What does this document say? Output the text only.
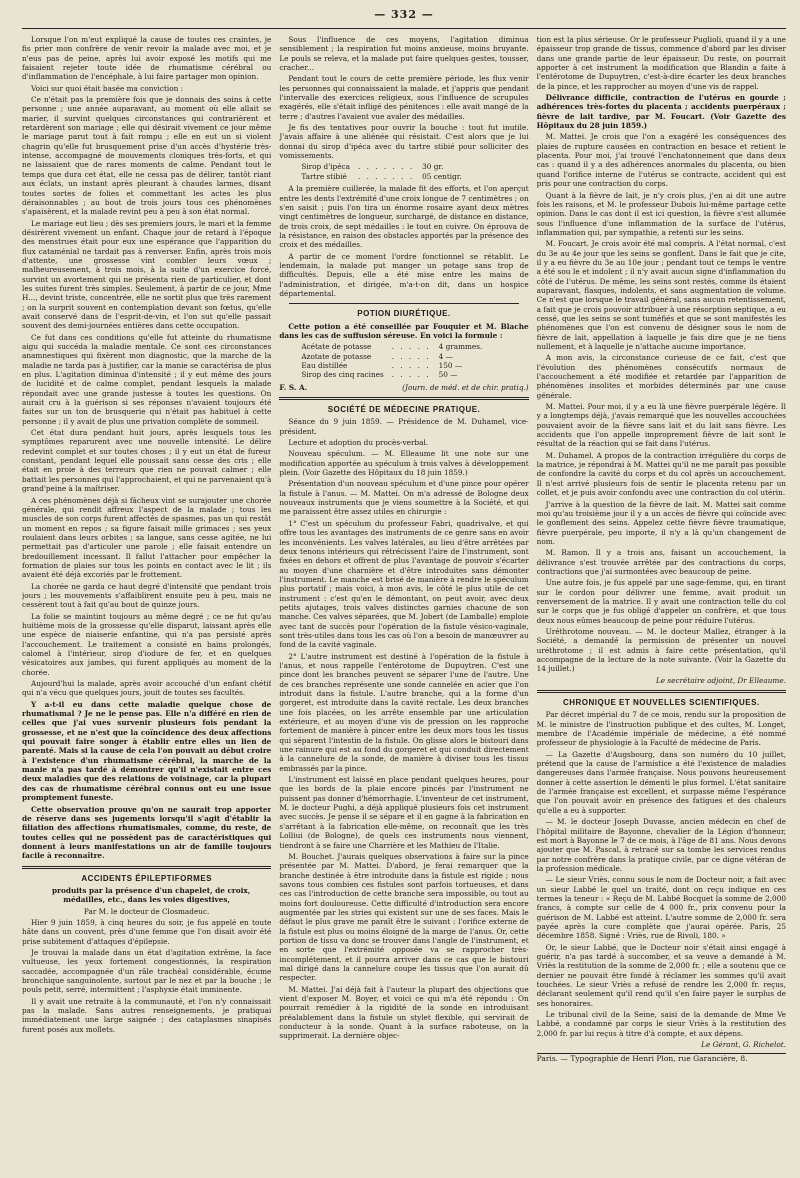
— 332 —

Lorsque l'on m'eut expliqué la cause de toutes ces craintes, je fis prier mon confrère de venir revoir la malade avec moi, et je n'eus pas de peine, après lui avoir exposé les motifs qui me faisaient rejeter toute idée de rhumatisme cérébral ou d'inflammation de l'encéphale, à lui faire partager mon opinion.

Voici sur quoi était basée ma conviction :

Ce n'était pas la première fois que je donnais des soins à cette personne ; une année auparavant, au moment où elle allait se marier, il survint quelques circonstances qui contrarièrent et retardèrent son mariage ; elle qui désirait vivement ce jour même le mariage parut tout à fait rompu ; elle en eut un si violent chagrin qu'elle fut brusquement prise d'un accès d'hystérie très-intense, accompagné de mouvements cloniques très-forts, et qui ne laissaient que de rares moments de calme. Pendant tout le temps que dura cet état, elle ne cessa pas de délirer, tantôt riant aux éclats, un instant après pleurant à chaudes larmes, disant toutes sortes de folies et commettant les actes les plus déraisonnables ; au bout de trois jours tous ces phénomènes s'apaisèrent, et la malade revint peu à peu à son état normal.

Le mariage eut lieu ; dès ses premiers jours, le mari et la femme désirèrent vivement un enfant. Chaque jour de retard à l'époque des menstrues était pour eux une espérance que l'apparition du flux cataménial ne tardait pas à renverser. Enfin, après trois mois d'attente, une grossesse vint combler leurs vœux ; malheureusement, à trois mois, à la suite d'un exercice forcé, survint un avortement qui ne présenta rien de particulier, et dont les suites furent très simples. Seulement, à partir de ce jour, Mme H..., devint triste, concentrée, elle ne sortit plus que très rarement ; on la surprit souvent en contemplation devant son fœtus, qu'elle avait conservé dans de l'esprit-de-vin, et l'on sut qu'elle passait souvent des demi-journées entières dans cette occupation.

Ce fut dans ces conditions qu'elle fut atteinte du rhumatisme aigu qui succéda la maladie mentale. Ce sont ces circonstances anamnestiques qui fixèrent mon diagnostic, que la marche de la maladie ne tarda pas à justifier, car la manie se caractérisa de plus en plus. L'agitation diminua d'intensité ; il y eut même des jours de lucidité et de calme complet, pendant lesquels la malade répondait avec une grande justesse à toutes les questions. On aurait cru à la guérison si ses réponses n'avaient toujours été faites sur un ton de brusquerie qui n'était pas habituel à cette personne ; il y avait de plus une privation complète de sommeil.

Cet état dura pendant huit jours, après lesquels tous les symptômes reparurent avec une nouvelle intensité. Le délire redevint complet et sur toutes choses ; il y eut un état de fureur constant, pendant lequel elle poussait sans cesse des cris ; elle était en proie à des terreurs que rien ne pouvait calmer ; elle battait les personnes qui l'approchaient, et qui ne parvenaient qu'à grand'peine à la maîtriser.

A ces phénomènes déjà si fâcheux vint se surajouter une chorée générale, qui rendit affreux l'aspect de la malade ; tous les muscles de son corps furent affectés de spasmes, pas un qui restât un moment en repos ; sa figure faisait mille grimaces ; ses yeux roulaient dans leurs orbites ; sa langue, sans cesse agitée, ne lui permettait pas d'articuler une parole ; elle faisait entendre un bredouillement incessant. Il fallut l'attacher pour empêcher la formation de plaies sur tous les points en contact avec le lit ; ils avaient été déjà excoriés par le frottement.

La chorée ne garda ce haut degré d'intensité que pendant trois jours ; les mouvements s'affaiblirent ensuite peu à peu, mais ne cessèrent tout à fait qu'au bout de quinze jours.

La folie se maintint toujours au même degré ; ce ne fut qu'au huitième mois de la grossesse qu'elle disparut, laissant après elle une espèce de niaiserie enfantine, qui n'a pas persisté après l'accouchement. Le traitement a consisté en bains prolongés, calomel à l'intérieur, sirop d'iodure de fer, et en quelques vésicatoires aux jambes, qui furent appliqués au moment de la chorée.

Aujourd'hui la malade, après avoir accouché d'un enfant chétif qui n'a vécu que quelques jours, jouit de toutes ses facultés.

Y a-t-il eu dans cette maladie quelque chose de rhumatismal ? Je ne le pense pas. Elle n'a différé en rien de celles que j'ai vues survenir plusieurs fois pendant la grossesse, et ne n'est que la coïncidence des deux affections qui pouvait faire songer à établir entre elles un lien de parenté. Mais si la cause de cela l'on pouvait au début croire à l'existence d'un rhumatisme cérébral, la marche de la manie n'a pas tardé à démontrer qu'il n'existait entre ces deux maladies que des relations de voisinage, car la plupart des cas de rhumatisme cérébral connus ont eu une issue promptement funeste.

Cette observation prouve qu'on ne saurait trop apporter de réserve dans ses jugements lorsqu'il s'agit d'établir la filiation des affections rhumatismales, comme, du reste, de toutes celles qui ne possèdent pas de caractéristiques qui donnent à leurs manifestations un air de famille toujours facile à reconnaître.

ACCIDENTS ÉPILEPTIFORMES

produits par la présence d'un chapelet, de croix, médailles, etc., dans les voies digestives,

Par M. le docteur de Closmadeuc.

Hier 9 juin 1859, à cinq heures du soir, je fus appelé en toute hâte dans un couvent, près d'une femme que l'on disait avoir été prise subitement d'attaques d'épilepsie.

Je trouvai la malade dans un état d'agitation extrême, la face vultueuse, les yeux fortement congestionnés, la respiration saccadée, accompagnée d'un râle trachéal considérable, écume bronchique sanguinolente, surtout par le nez et par la bouche ; le pouls petit, serré, intermittent ; l'asphyxie était imminente.

Il y avait une retraite à la communauté, et l'on n'y connaissait pas la malade. Sans autres renseignements, je pratiquai immédiatement une large saignée ; des cataplasmes sinapisés furent posés aux mollets.

Sous l'influence de ces moyens, l'agitation diminua sensiblement ; la respiration fut moins anxieuse, moins bruyante. Le pouls se releva, et la malade put faire quelques gestes, tousser, cracher...

Pendant tout le cours de cette première période, les flux venir les personnes qui connaissaient la malade, et j'appris que pendant l'intervalle des exercices religieux, sous l'influence de scrupules exagérés, elle s'était infligé des pénitences : elle avait mangé de la terre ; d'autres l'avaient vue avaler des médailles.

Je fis des tentatives pour ouvrir la bouche : tout fut inutile. J'avais affaire à une aliénée qui résistait. C'est alors que je lui donnai du sirop d'ipéca avec du tartre stibié pour solliciter des vomissements.

Sirop d'ipéca	. . . . . . .	30 gr.
Tartre stibié	. . . . . . .	05 centigr.

A la première cuillerée, la malade fit des efforts, et l'on aperçut entre les dents l'extrémité d'une croix longue de 7 centimètres ; on s'en saisit ; puis l'on tira un énorme rosaire ayant deux mètres vingt centimètres de longueur, surchargé, de distance en distance, de trois croix, de sept médailles : le tout en cuivre. On éprouva de la résistance, en raison des obstacles apportés par la présence des croix et des médailles.

A partir de ce moment l'ordre fonctionnel se rétablit. Le lendemain, la malade put manger un potage sans trop de difficultés. Depuis, elle a été mise entre les mains de l'administration, et dirigée, m'a-t-on dit, dans un hospice départemental.

POTION DIURÉTIQUE.

Cette potion a été conseillée par Fouquier et M. Blache dans les cas de suffusion séreuse. En voici la formule :

Acétate de potasse	. . . . .	4 grammes.
Azotate de potasse	. . . . .	4 —
Eau distillée	. . . . .	150 —
Sirop des cinq racines	. . . . .	50 —

F. S. A.	(Journ. de méd. et de chir. pratiq.)

SOCIÉTÉ DE MÉDECINE PRATIQUE.

Séance du 9 juin 1859. — Présidence de M. Duhamel, vice-président.

Lecture et adoption du procès-verbal.

Nouveau spéculum. — M. Elleaume lit une note sur une modification apportée au spéculum à trois valves à développement plein. (Voir Gazette des Hôpitaux du 18 juin 1859.)

Présentation d'un nouveau spéculum et d'une pince pour opérer la fistule à l'anus. — M. Mattei. On m'a adressé de Bologne deux nouveaux instruments que je viens soumettre à la Société, et qui me paraissent être assez utiles en chirurgie :

1° C'est un spéculum du professeur Fabri, quadrivalve, et qui offre tous les avantages des instruments de ce genre sans en avoir les inconvénients. Les valves latérales, au lieu d'être arrêtées par deux tenons intérieurs qui rétrécissent l'aire de l'instrument, sont fixées en dehors et offrent de plus l'avantage de pouvoir s'écarter au moyen d'une charnière et d'être introduites sans démonter l'instrument. Le manche est brisé de manière à rendre le spéculum plus portatif ; mais voici, à mon avis, le côté le plus utile de cet instrument : c'est qu'en le démontant, on peut avoir, avec deux petits ajutages, trois valves distinctes garnies chacune de son manche. Ces valves séparées, que M. Jobert (de Lamballe) emploie avec tant de succès pour l'opération de la fistule vésico-vaginale, sont très-utiles dans tous les cas où l'on a besoin de manœuvrer au fond de la cavité vaginale.

2° L'autre instrument est destiné à l'opération de la fistule à l'anus, et nous rappelle l'entérotome de Dupuytren. C'est une pince dont les branches peuvent se séparer l'une de l'autre. Une de ces branches représente une sonde cannelée en acier que l'on introduit dans la fistule. L'autre branche, qui a la forme d'un gorgeret, est introduite dans la cavité rectale. Les deux branches une fois placées, on les arrête ensemble par une articulation extérieure, et au moyen d'une vis de pression on les rapproche fortement de manière à pincer entre les deux mors tous les tissus qui séparent l'intestin de la fistule. On glisse alors le bistouri dans une rainure qui est au fond du gorgeret et qui conduit directement à la cannelure de la sonde, de manière à diviser tous les tissus embrassés par la pince.

L'instrument est laissé en place pendant quelques heures, pour que les bords de la plaie encore pincés par l'instrument ne puissent pas donner d'hémorrhagie. L'inventeur de cet instrument, M. le docteur Pughi, a déjà appliqué plusieurs fois cet instrument avec succès. Je pense il se sépare et il en gagne à la fabrication en s'arrêtant à la fabrication elle-même, on reconnaît que les très Lolliui (de Bologne), de quels ces instruments nous viennent, tiendront à se faire une Charrière et les Mathieu de l'Italie.

M. Bouchet. J'aurais quelques observations à faire sur la pince présentée par M. Mattei. D'abord, je ferai remarquer que la branche destinée à être introduite dans la fistule est rigide ; nous savons tous combien ces fistules sont parfois tortueuses, et dans ces cas l'introduction de cette branche sera impossible, ou tout au moins fort douloureuse. Cette difficulté d'introduction sera encore augmentée par les stries qui existent sur une de ses faces. Mais le défaut le plus grave me paraît être le suivant : l'orifice externe de la fistule est plus ou moins éloigné de la marge de l'anus. Or, cette portion de tissu va donc se trouver dans l'angle de l'instrument, et en sorte que l'extrémité opposée va se rapprocher très-incomplétement, et il pourra arriver dans ce cas que le bistouri mal dirigé dans la cannelure coupe les tissus que l'on aurait dû respecter.

M. Mattei. J'ai déjà fait à l'auteur la plupart des objections que vient d'exposer M. Boyer, et voici ce qui m'a été répondu : On pourrait remédier à la rigidité de la sonde en introduisant préalablement dans la fistule un stylet flexible, qui servirait de conducteur à la sonde. Quant à la surface raboteuse, on la supprimerait. La dernière objec-

tion est la plus sérieuse. Or le professeur Puglioli, quand il y a une épaisseur trop grande de tissus, commence d'abord par les diviser dans une grande partie de leur épaisseur. Du reste, on pourrait apporter à cet instrument la modification que Blandin a faite à l'entérotome de Dupuytren, c'est-à-dire écarter les deux branches de la pince, et les rapprocher au moyen d'une vis de rappel.

Délivrance difficile, contraction de l'utérus en gourde ; adhérences très-fortes du placenta ; accidents puerpéraux ; fièvre de lait tardive, par M. Foucart. (Voir Gazette des Hôpitaux du 28 juin 1859.)

M. Mattei. Je crois que l'on a exagéré les conséquences des plaies de rupture causées en contraction en besace et retient le placenta. Pour moi, j'ai trouvé l'enchatonnement que dans deux cas : quand il y a des adhérences anormales du placenta, ou bien quand l'orifice interne de l'utérus se contracte, accident qui est pris pour une contraction du corps.

Quant à la fièvre de lait, je n'y crois plus, j'en ai dit une autre fois les raisons, et M. le professeur Dubois lui-même partage cette opinion. Dans le cas dont il est ici question, la fièvre s'est allumée sous l'influence d'une inflammation de la surface de l'utérus, inflammation qui, par sympathie, a retenti sur les seins.

M. Foucart. Je crois avoir été mal compris. A l'état normal, c'est du 3e au 4e jour que les seins se gonflent. Dans le fait que je cite, il y a eu fièvre du 3e au 10e jour ; pendant tout ce temps le ventre a été sou le et indolent ; il n'y avait aucun signe d'inflammation du côté de l'utérus. De même, les seins sont restés, comme ils étaient auparavant, flasques, indolents, et sans augmentation de volume. Ce n'est que lorsque le travail général, sans aucun retentissement, a fait que je crois pouvoir attribuer à une résorption septique, a eu cessé, que les seins se sont tuméfiés et que se sont manifestés les phénomènes que l'on est convenu de désigner sous le nom de fièvre de lait, appellation à laquelle je fais dire que je ne tiens nullement, et à laquelle je n'attache aucune importance.

A mon avis, la circonstance curieuse de ce fait, c'est que l'évolution des phénomènes consécutifs normaux de l'accouchement a été modifiée et retardée par l'apparition de phénomènes insolites et morbides déterminés par une cause générale.

M. Mattei. Pour moi, il y a eu là une fièvre puerpérale légère. Il y a longtemps déjà, j'avais remarqué que les nouvelles accouchées pouvaient avoir de la fièvre sans lait et du lait sans fièvre. Les accidents que l'on appelle improprement fièvre de lait sont le résultat de la réaction qui se fait dans l'utérus.

M. Duhamel. A propos de la contraction irrégulière du corps de la matrice, je répondrai à M. Mattei qu'il ne me paraît pas possible de confondre la cavité du corps et du col après un accouchement. Il n'est arrivé plusieurs fois de sentir le placenta retenu par un collet, et je puis avoir confondu avec une contraction du col utérin.

J'arrive à la question de la fièvre de lait. M. Mattei sait comme moi qu'au troisième jour il y a un accès de fièvre qui coïncide avec le gonflement des seins. Appelez cette fièvre fièvre traumatique, fièvre puerpérale, peu importe, il n'y a là qu'un changement de nom.

M. Ramon. Il y a trois ans, faisant un accouchement, la délivrance s'est trouvée arrêtée par des contractions du corps, contractions que j'ai surmontées avec beaucoup de peine.

Une autre fois, je fus appelé par une sage-femme, qui, en tirant sur le cordon pour délivrer une femme, avait produit un renversement de la matrice. Il y avait une contraction telle du col sur le corps que je fus obligé d'appeler un confrère, et que tous deux nous eûmes beaucoup de peine pour réduire l'utérus.

Uréthrotome nouveau. — M. le docteur Mallez, étranger à la Société, a demandé la permission de présenter un nouvel uréthrotome ; il est admis à faire cette présentation, qu'il accompagne de la lecture de la note suivante. (Voir la Gazette du 14 juillet.)

Le secrétaire adjoint, Dr Elleaume.

CHRONIQUE ET NOUVELLES SCIENTIFIQUES.

Par décret impérial du 7 de ce mois, rendu sur la proposition de M. le ministre de l'instruction publique et des cultes, M. Longet, membre de l'Académie impériale de médecine, a été nommé professeur de physiologie à la Faculté de médecine de Paris.

— La Gazette d'Augsbourg, dans son numéro du 10 juillet, prétend que la cause de l'armistice a été l'existence de maladies dangereuses dans l'armée française. Nous pouvons heureusement donner à cette assertion le démenti le plus formel. L'état sanitaire de l'armée française est excellent, et surpasse même l'espérance que l'on pouvait avoir en présence des fatigues et des chaleurs qu'elle a eu à supporter.

— M. le docteur Joseph Duvasse, ancien médecin en chef de l'hôpital militaire de Bayonne, chevalier de la Légion d'honneur, est mort à Bayonne le 7 de ce mois, à l'âge de 81 ans. Nous devons ajouter que M. Pascal, à retracé sur sa tombe les services rendus par notre confrère dans la pratique civile, par ce digne vétéran de la profession médicale.

— Le sieur Vriès, connu sous le nom de Docteur noir, a fait avec un sieur Labbé le quel un traité, dont on reçu indique en ces termes la teneur : « Reçu de M. Labbé Bocquet la somme de 2,000 francs, à compte sur celle de 4 000 fr., prix convenu pour la guérison de M. Labbé est atteint. L'autre somme de 2,000 fr. sera payée après la cure complète que j'aurai opérée. Paris, 25 décembre 1858. Signé : Vriès, rue de Rivoli, 180. »

Or, le sieur Labbé, que le Docteur noir s'était ainsi engagé à guérir, n'a pas tardé à succomber, et sa veuve a demandé à M. Vriès la restitution de la somme de 2,000 fr. ; elle a soutenu que ce dernier ne pouvait être fondé à réclamer les sommes qu'il avait touchées. Le sieur Vriès a refusé de rendre les 2,000 fr. reçus, déclarant seulement qu'il rend qu'il s'en faire payer le surplus de ses honoraires.

Le tribunal civil de la Seine, saisi de la demande de Mme Ve Labbé, a condamné par corps le sieur Vriès à la restitution des 2,000 fr. par lui reçus à titre d'à compte, et aux dépens.

Le Gérant, G. Richelot.

Paris. — Typographie de Henri Plon, rue Garancière, 8.
